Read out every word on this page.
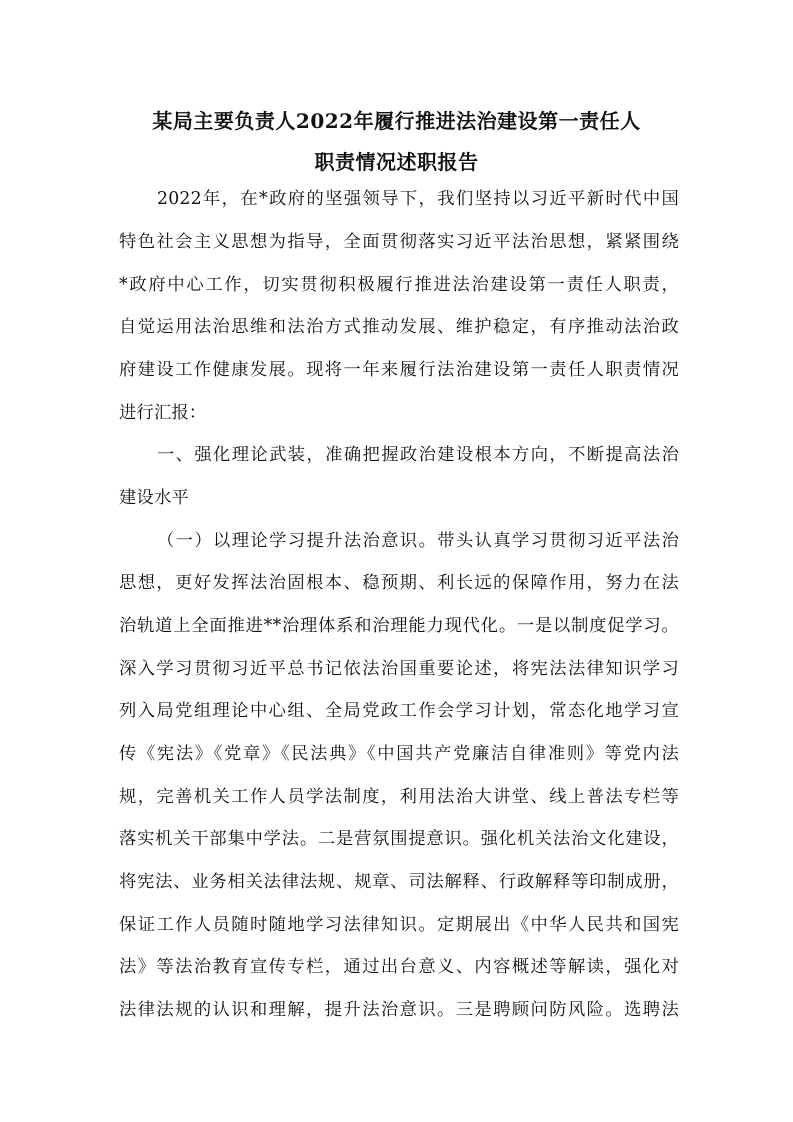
某局主要负责人2022年履行推进法治建设第一责任人
职责情况述职报告
2022年，在*政府的坚强领导下，我们坚持以习近平新时代中国
特色社会主义思想为指导，全面贯彻落实习近平法治思想，紧紧围绕
*政府中心工作，切实贯彻积极履行推进法治建设第一责任人职责，
自觉运用法治思维和法治方式推动发展、维护稳定，有序推动法治政
府建设工作健康发展。现将一年来履行法治建设第一责任人职责情况
进行汇报：
一、强化理论武装，准确把握政治建设根本方向，不断提高法治
建设水平
（一）以理论学习提升法治意识。带头认真学习贯彻习近平法治
思想，更好发挥法治固根本、稳预期、利长远的保障作用，努力在法
治轨道上全面推进**治理体系和治理能力现代化。一是以制度促学习。
深入学习贯彻习近平总书记依法治国重要论述，将宪法法律知识学习
列入局党组理论中心组、全局党政工作会学习计划，常态化地学习宣
传《宪法》《党章》《民法典》《中国共产党廉洁自律准则》等党内法
规，完善机关工作人员学法制度，利用法治大讲堂、线上普法专栏等
落实机关干部集中学法。二是营氛围提意识。强化机关法治文化建设，
将宪法、业务相关法律法规、规章、司法解释、行政解释等印制成册，
保证工作人员随时随地学习法律知识。定期展出《中华人民共和国宪
法》等法治教育宣传专栏，通过出台意义、内容概述等解读，强化对
法律法规的认识和理解，提升法治意识。三是聘顾问防风险。选聘法
